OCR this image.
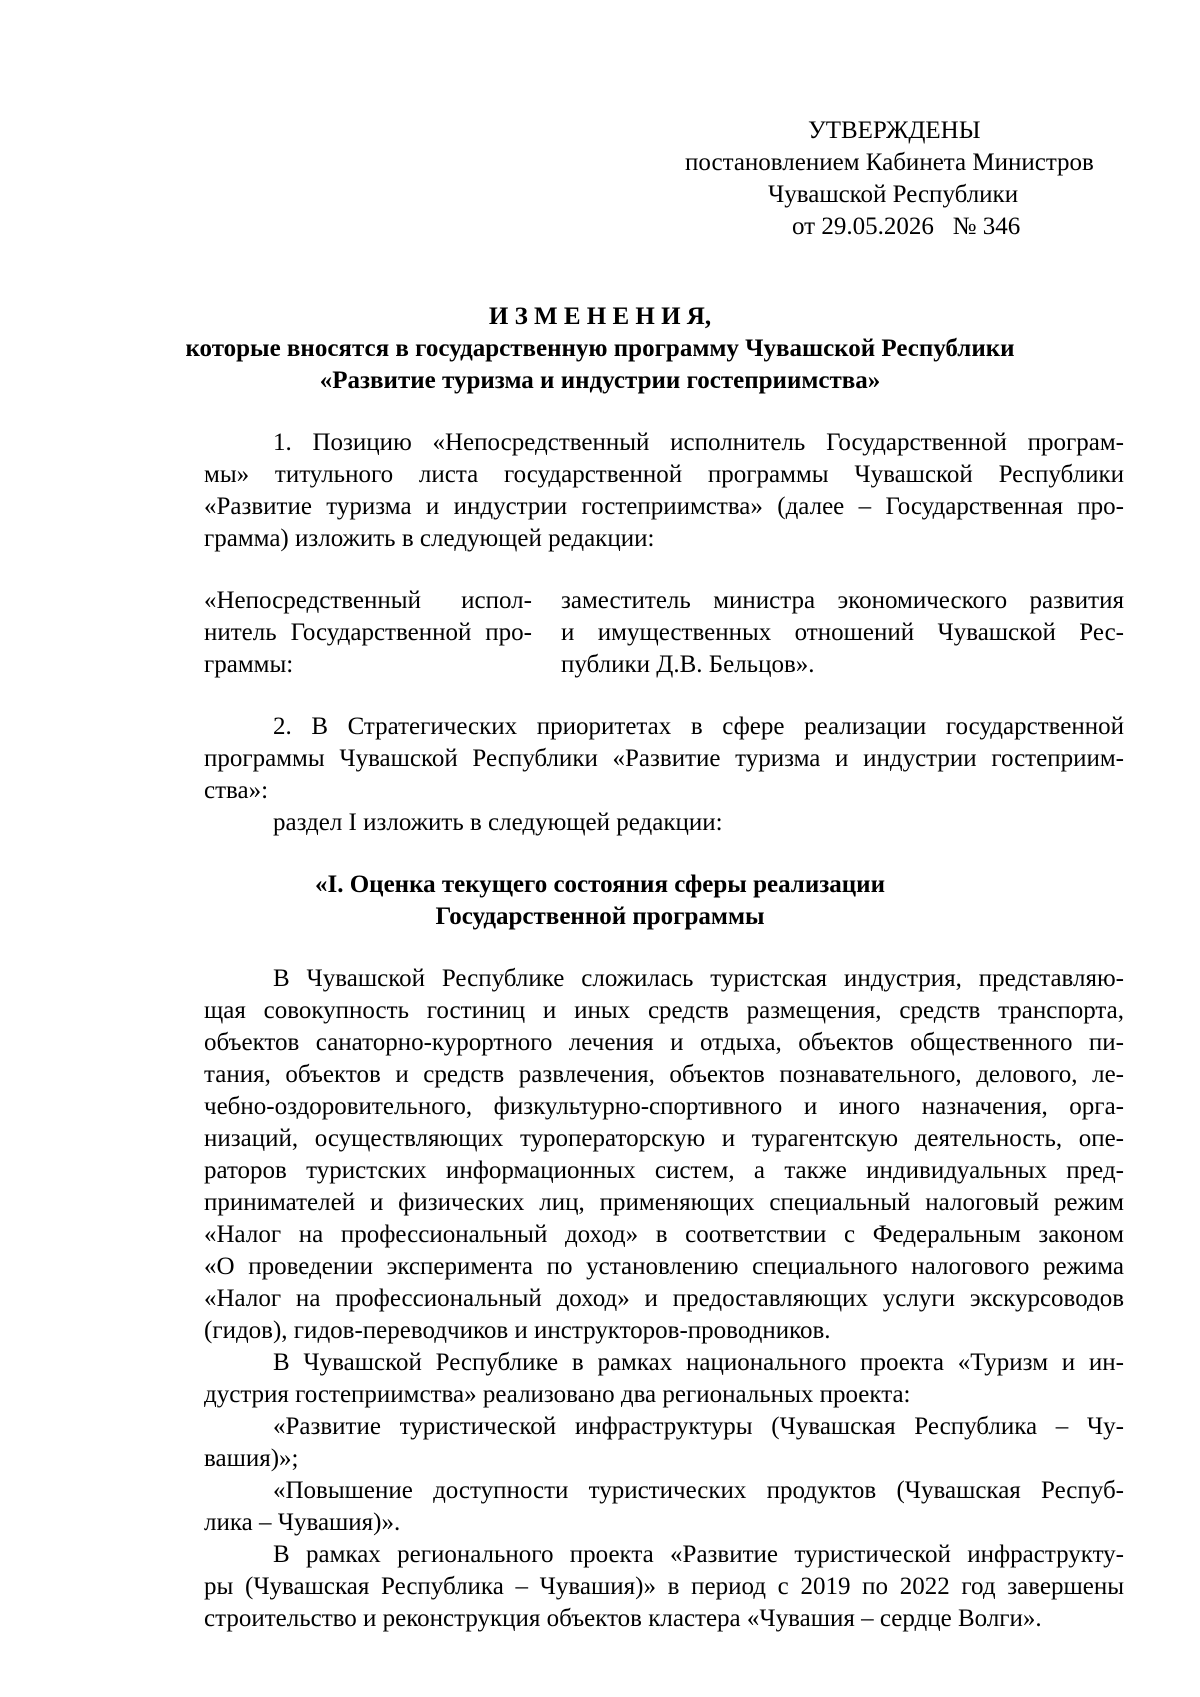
УТВЕРЖДЕНЫ
постановлением Кабинета Министров
Чувашской Республики
от 29.05.2026   № 346
И З М Е Н Е Н И Я,
которые вносятся в государственную программу Чувашской Республики
«Развитие туризма и индустрии гостеприимства»
1. Позицию «Непосредственный исполнитель Государственной програм-
мы» титульного листа государственной программы Чувашской Республики
«Развитие туризма и индустрии гостеприимства» (далее – Государственная про-
грамма) изложить в следующей редакции:
«Непосредственный испол-
нитель Государственной про-
граммы:
заместитель министра экономического развития
и имущественных отношений Чувашской Рес-
публики Д.В. Бельцов».
2. В Стратегических приоритетах в сфере реализации государственной
программы Чувашской Республики «Развитие туризма и индустрии гостеприим-
ства»:
раздел I изложить в следующей редакции:
«I. Оценка текущего состояния сферы реализации
Государственной программы
В Чувашской Республике сложилась туристская индустрия, представляю-
щая совокупность гостиниц и иных средств размещения, средств транспорта,
объектов санаторно-курортного лечения и отдыха, объектов общественного пи-
тания, объектов и средств развлечения, объектов познавательного, делового, ле-
чебно-оздоровительного, физкультурно-спортивного и иного назначения, орга-
низаций, осуществляющих туроператорскую и турагентскую деятельность, опе-
раторов туристских информационных систем, а также индивидуальных пред-
принимателей и физических лиц, применяющих специальный налоговый режим
«Налог на профессиональный доход» в соответствии с Федеральным законом
«О проведении эксперимента по установлению специального налогового режима
«Налог на профессиональный доход» и предоставляющих услуги экскурсоводов
(гидов), гидов-переводчиков и инструкторов-проводников.
В Чувашской Республике в рамках национального проекта «Туризм и ин-
дустрия гостеприимства» реализовано два региональных проекта:
«Развитие туристической инфраструктуры (Чувашская Республика – Чу-
вашия)»;
«Повышение доступности туристических продуктов (Чувашская Респуб-
лика – Чувашия)».
В рамках регионального проекта «Развитие туристической инфраструкту-
ры (Чувашская Республика – Чувашия)» в период с 2019 по 2022 год завершены
строительство и реконструкция объектов кластера «Чувашия – сердце Волги».
